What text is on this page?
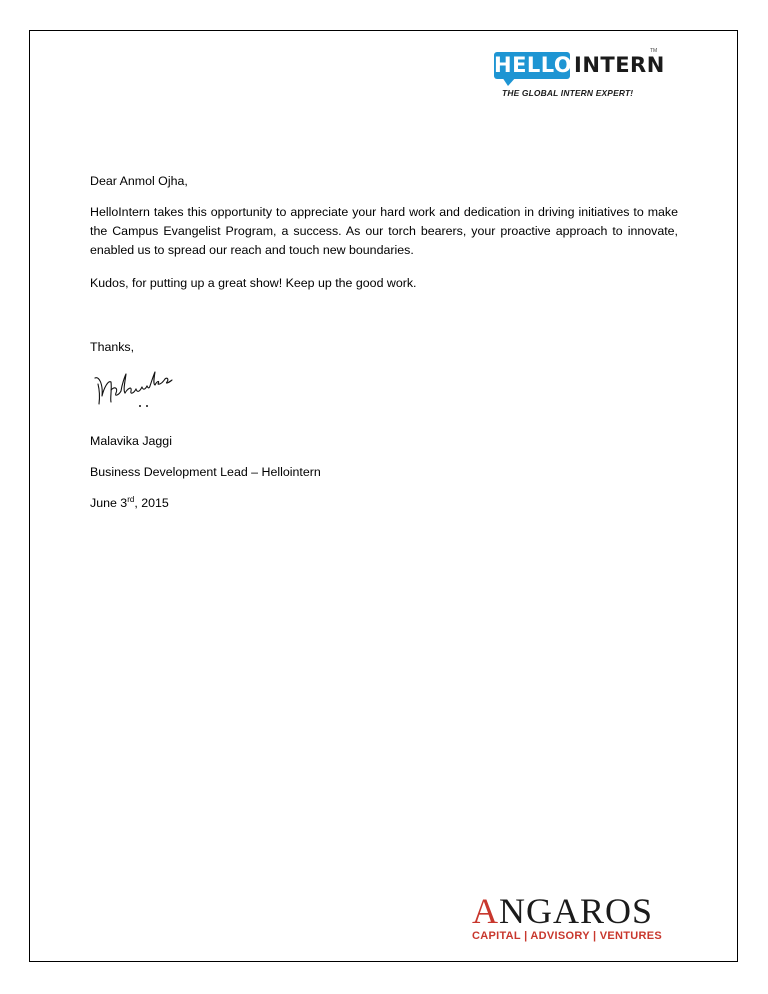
HELLO INTERN
TM
THE GLOBAL INTERN EXPERT!
Dear Anmol Ojha,
HelloIntern takes this opportunity to appreciate your hard work and dedication in driving initiatives to make the Campus Evangelist Program, a success. As our torch bearers, your proactive approach to innovate, enabled us to spread our reach and touch new boundaries.
Kudos, for putting up a great show! Keep up the good work.
Thanks,
Malavika Jaggi
Business Development Lead – Hellointern
June 3rd, 2015
ANGAROS
CAPITAL | ADVISORY | VENTURES
